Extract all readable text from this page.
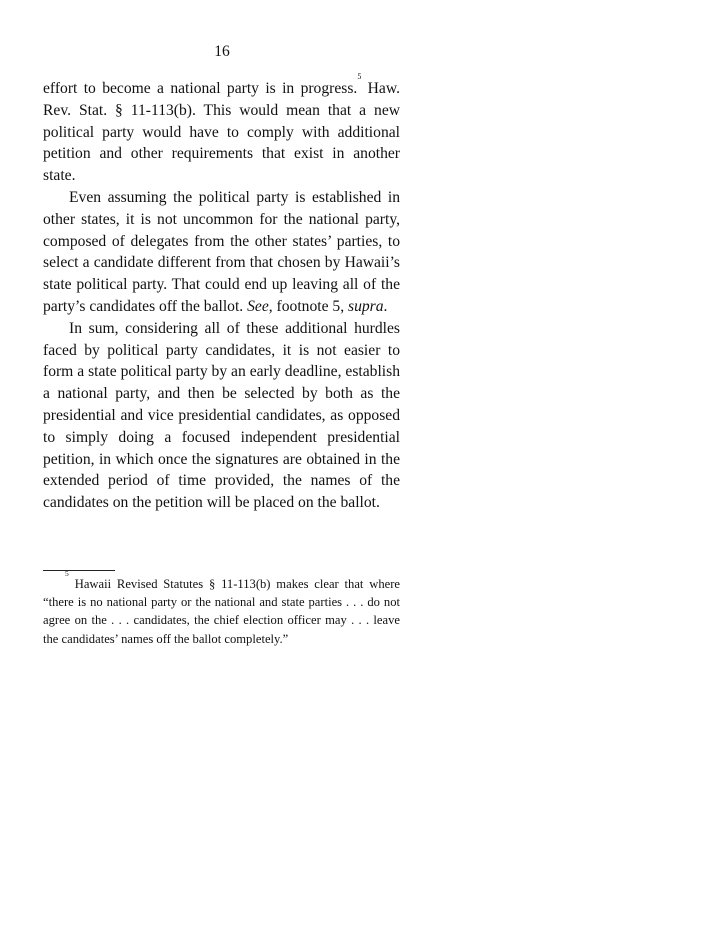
16

effort to become a national party is in progress.$^5$ Haw. Rev. Stat. § 11-113(b). This would mean that a new political party would have to comply with additional petition and other requirements that exist in another state.

Even assuming the political party is established in other states, it is not uncommon for the national party, composed of delegates from the other states’ parties, to select a candidate different from that chosen by Hawaii’s state political party. That could end up leaving all of the party’s candidates off the ballot. See, footnote 5, supra.

In sum, considering all of these additional hurdles faced by political party candidates, it is not easier to form a state political party by an early deadline, establish a national party, and then be selected by both as the presidential and vice presidential candidates, as opposed to simply doing a focused independent presidential petition, in which once the signatures are obtained in the extended period of time provided, the names of the candidates on the petition will be placed on the ballot.

$^5$Hawaii Revised Statutes § 11-113(b) makes clear that where “there is no national party or the national and state parties . . . do not agree on the . . . candidates, the chief election officer may . . . leave the candidates’ names off the ballot completely.”
